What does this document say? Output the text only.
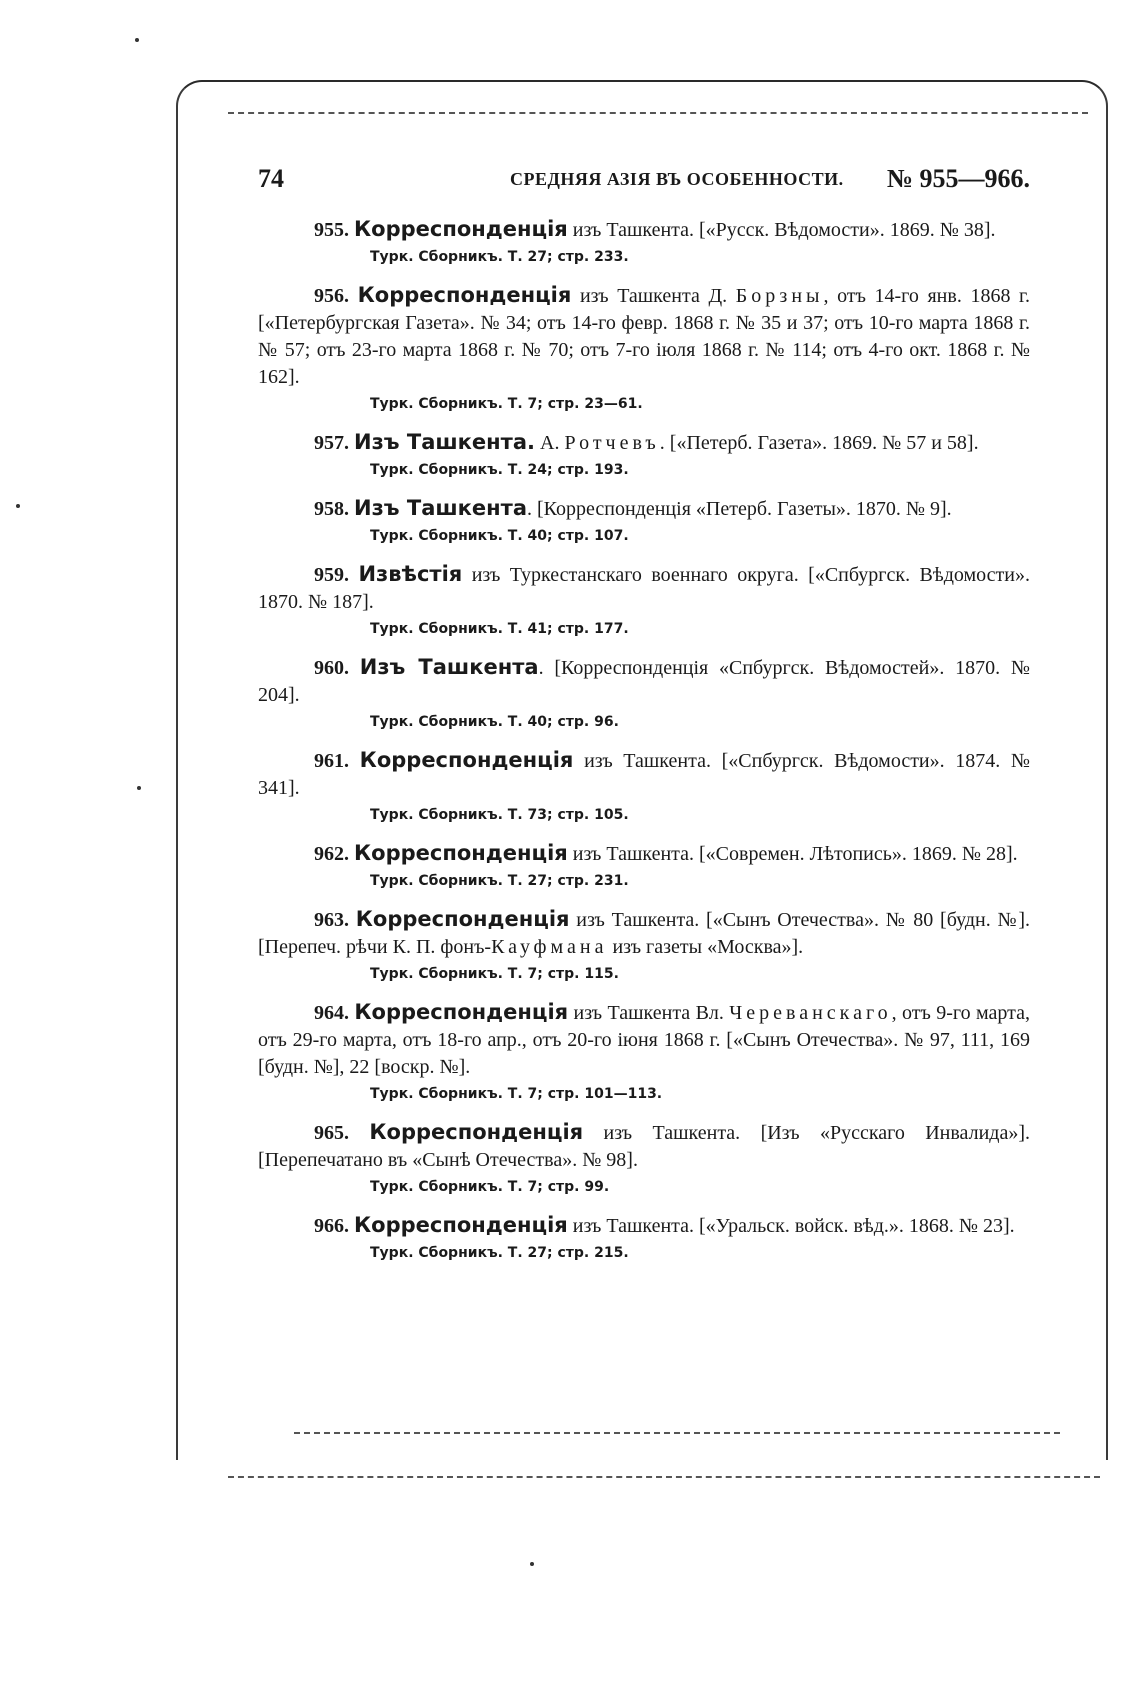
74	СРЕДНЯЯ АЗІЯ ВЪ ОСОБЕННОСТИ. № 955—966.
955. Корреспонденція изъ Ташкента. [«Русск. Вѣдомости». 1869. № 38].
Турк. Сборникъ. Т. 27; стр. 233.
956. Корреспонденція изъ Ташкента Д. Борзны, отъ 14-го янв. 1868 г. [«Петербургская Газета». № 34; отъ 14-го февр. 1868 г. № 35 и 37; отъ 10-го марта 1868 г. № 57; отъ 23-го марта 1868 г. № 70; отъ 7-го іюля 1868 г. № 114; отъ 4-го окт. 1868 г. № 162].
Турк. Сборникъ. Т. 7; стр. 23—61.
957. Изъ Ташкента. А. Ротчевъ. [«Петерб. Газета». 1869. № 57 и 58].
Турк. Сборникъ. Т. 24; стр. 193.
958. Изъ Ташкента. [Корреспонденція «Петерб. Газеты». 1870. № 9].
Турк. Сборникъ. Т. 40; стр. 107.
959. Извѣстія изъ Туркестанскаго военнаго округа. [«Спбургск. Вѣдомости». 1870. № 187].
Турк. Сборникъ. Т. 41; стр. 177.
960. Изъ Ташкента. [Корреспонденція «Спбургск. Вѣдомостей». 1870. № 204].
Турк. Сборникъ. Т. 40; стр. 96.
961. Корреспонденція изъ Ташкента. [«Спбургск. Вѣдомости». 1874. № 341].
Турк. Сборникъ. Т. 73; стр. 105.
962. Корреспонденція изъ Ташкента. [«Современ. Лѣтопись». 1869. № 28].
Турк. Сборникъ. Т. 27; стр. 231.
963. Корреспонденція изъ Ташкента. [«Сынъ Отечества». № 80 [будн. №]. [Перепеч. рѣчи К. П. фонъ-Кауфмана изъ газеты «Москва»].
Турк. Сборникъ. Т. 7; стр. 115.
964. Корреспонденція изъ Ташкента Вл. Черeванскаго, отъ 9-го марта, отъ 29-го марта, отъ 18-го апр., отъ 20-го іюня 1868 г. [«Сынъ Отечества». № 97, 111, 169 [будн. №], 22 [воскр. №].
Турк. Сборникъ. Т. 7; стр. 101—113.
965. Корреспонденція изъ Ташкента. [Изъ «Русскаго Инвалида»]. [Перепечатано въ «Сынѣ Отечества». № 98].
Турк. Сборникъ. Т. 7; стр. 99.
966. Корреспонденція изъ Ташкента. [«Уральск. войск. вѣд.». 1868. № 23].
Турк. Сборникъ. Т. 27; стр. 215.
